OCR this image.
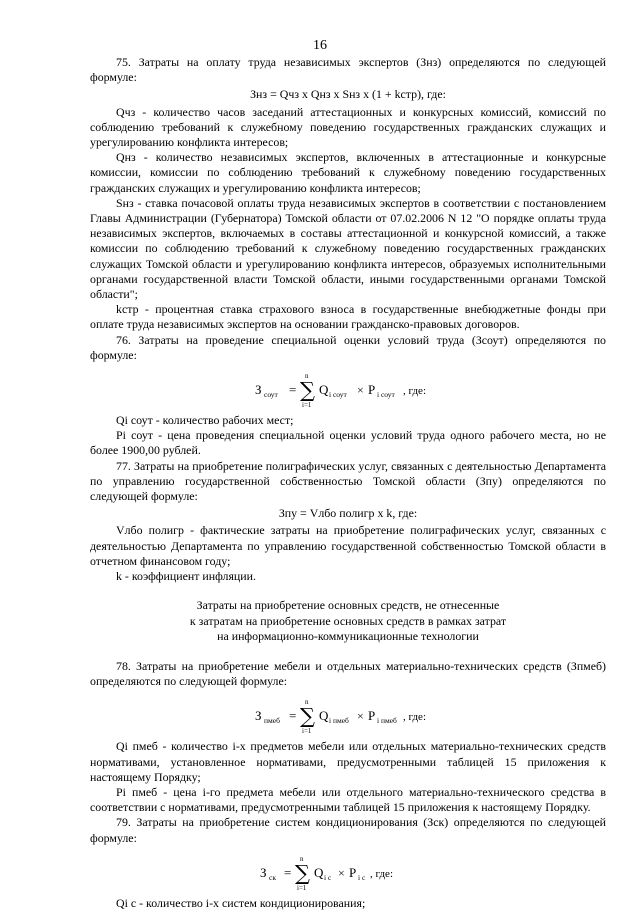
16

75. Затраты на оплату труда независимых экспертов (Знз) определяются по следующей формуле:

Знз = Qчз х Qнз х Sнз х (1 + kстр), где:

Qчз - количество часов заседаний аттестационных и конкурсных комиссий, комиссий по соблюдению требований к служебному поведению государственных гражданских служащих и урегулированию конфликта интересов;

Qнз - количество независимых экспертов, включенных в аттестационные и конкурсные комиссии, комиссии по соблюдению требований к служебному поведению государственных гражданских служащих и урегулированию конфликта интересов;

Sнз - ставка почасовой оплаты труда независимых экспертов в соответствии с постановлением Главы Администрации (Губернатора) Томской области от 07.02.2006 N 12 "О порядке оплаты труда независимых экспертов, включаемых в составы аттестационной и конкурсной комиссий, а также комиссии по соблюдению требований к служебному поведению государственных гражданских служащих Томской области и урегулированию конфликта интересов, образуемых исполнительными органами государственной власти Томской области, иными государственными органами Томской области";

kстр - процентная ставка страхового взноса в государственные внебюджетные фонды при оплате труда независимых экспертов на основании гражданско-правовых договоров.

76. Затраты на проведение специальной оценки условий труда (Зсоут) определяются по формуле:

З соут =
n
∑
i=1
Q i соут × P i соут , где:

Qi соут - количество рабочих мест;

Pi соут - цена проведения специальной оценки условий труда одного рабочего места, но не более 1900,00 рублей.

77. Затраты на приобретение полиграфических услуг, связанных с деятельностью Департамента по управлению государственной собственностью Томской области (Зпу) определяются по следующей формуле:

Зпу = Vлбо полигр х k, где:

Vлбо полигр - фактические затраты на приобретение полиграфических услуг, связанных с деятельностью Департамента по управлению государственной собственностью Томской области в отчетном финансовом году;

k - коэффициент инфляции.

Затраты на приобретение основных средств, не отнесенные
к затратам на приобретение основных средств в рамках затрат
на информационно-коммуникационные технологии

78. Затраты на приобретение мебели и отдельных материально-технических средств (Зпмеб) определяются по следующей формуле:

З пмеб =
n
∑
i=1
Q i пмеб × P i пмеб , где:

Qi пмеб - количество i-х предметов мебели или отдельных материально-технических средств нормативами, установленное нормативами, предусмотренными таблицей 15 приложения к настоящему Порядку;

Pi пмеб - цена i-го предмета мебели или отдельного материально-технического средства в соответствии с нормативами, предусмотренными таблицей 15 приложения к настоящему Порядку.

79. Затраты на приобретение систем кондиционирования (Зск) определяются по следующей формуле:

З ск =
n
∑
i=1
Q i с × P i с , где:

Qi c - количество i-х систем кондиционирования;
